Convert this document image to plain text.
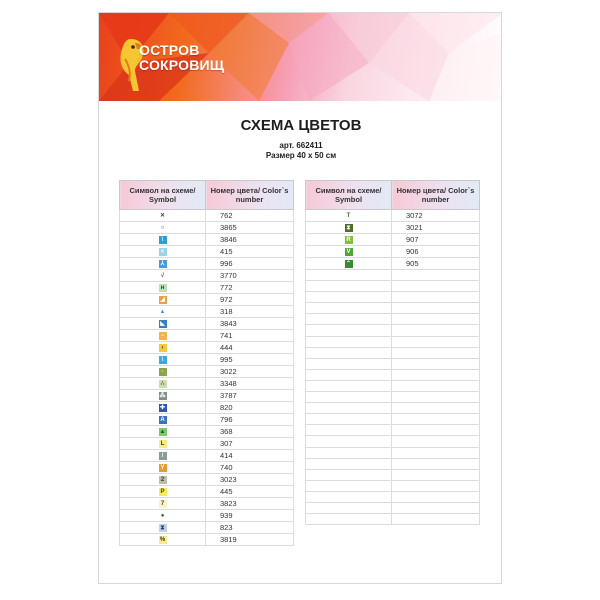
ОСТРОВ
СОКРОВИЩ
СХЕМА ЦВЕТОВ
арт. 662411
Размер 40 х 50 см
Символ на схеме/ Symbol	Номер цвета/ Color`s number
✕	762
○	3865
\	3846
<	415
⅄	996
√	3770
н	772
◢	972
▲	318
◣	3843
−	741
›	444
\	995
·	3022
∴	3348
⁂	3787
✚	820
A	796
▲	368
L	307
/	414
Y	740
2	3023
P	445
7	3823
●	939
⧗	823
%	3819
Символ на схеме/ Symbol	Номер цвета/ Color`s number
T	3072
⧗	3021
R	907
V	906
⌃	905
